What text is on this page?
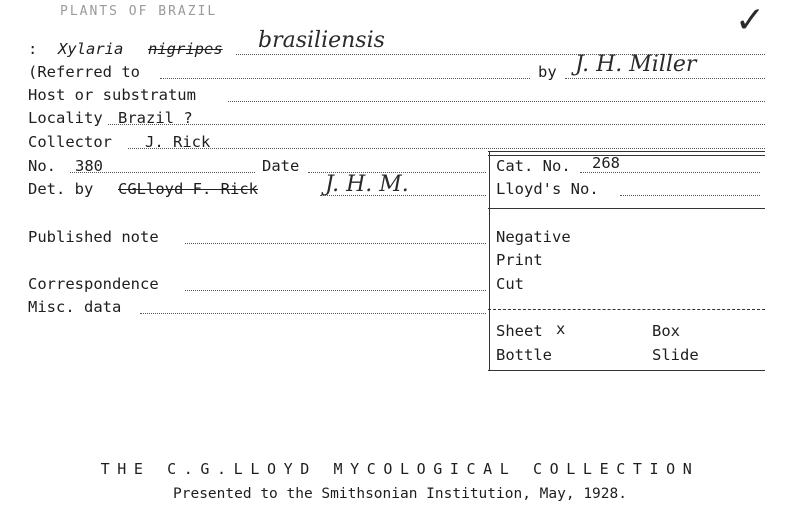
PLANTS OF BRAZIL	✓
: Xylaria nigripes brasiliensis
(Referred to	by J. H. Miller
Host or substratum
Locality Brazil ?
Collector J. Rick
No. 380	Date	Cat. No. 268
Det. by CGLloyd F. Rick	J. H. M.	Lloyd's No.
Published note	Negative
Print
Correspondence	Cut
Misc. data
Sheet x	Box
Bottle	Slide
THE C.G.LLOYD MYCOLOGICAL COLLECTION
Presented to the Smithsonian Institution, May, 1928.
